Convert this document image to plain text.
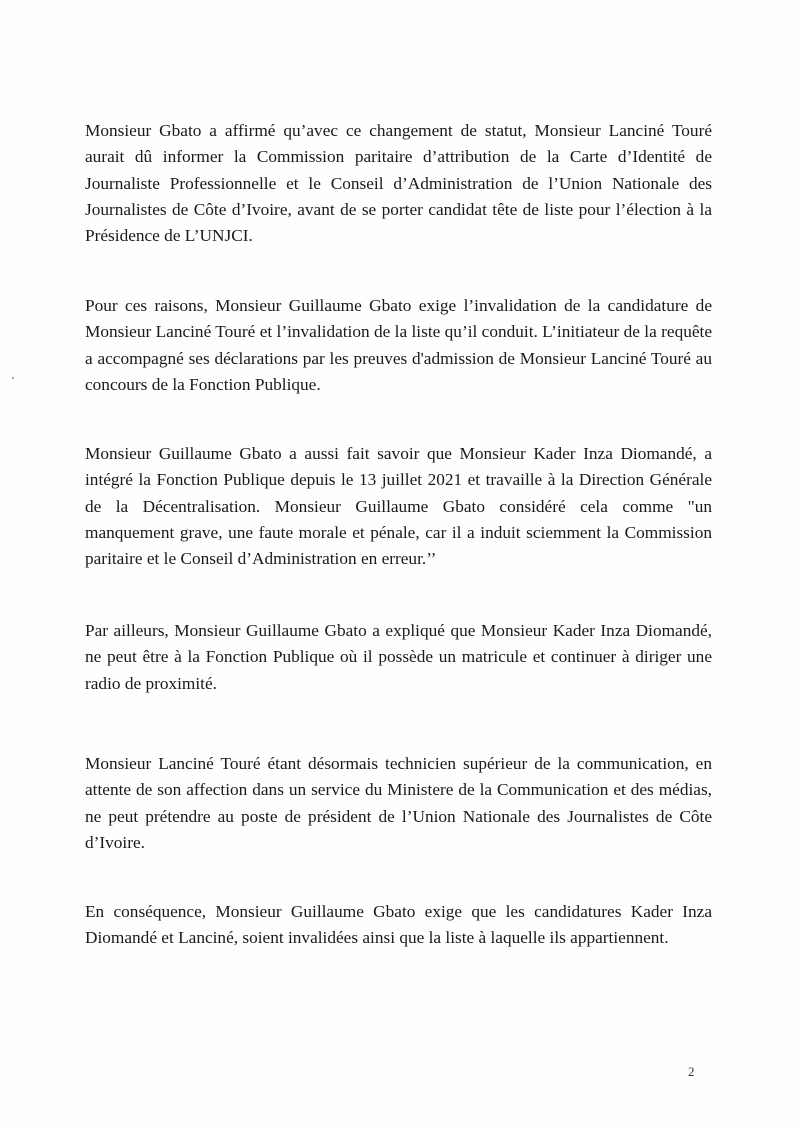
Monsieur Gbato a affirmé qu’avec ce changement de statut, Monsieur Lanciné Touré aurait dû informer la Commission paritaire d’attribution de la Carte d’Identité de Journaliste Professionnelle et le Conseil d’Administration de l’Union Nationale des Journalistes de Côte d’Ivoire, avant de se porter candidat tête de liste pour l’élection à la Présidence de L’UNJCI.

Pour ces raisons, Monsieur Guillaume Gbato exige l’invalidation de la candidature de Monsieur Lanciné Touré et l’invalidation de la liste qu’il conduit. L’initiateur de la requête a accompagné ses déclarations par les preuves d'admission de Monsieur Lanciné Touré au concours de la Fonction Publique.

Monsieur Guillaume Gbato a aussi fait savoir que Monsieur Kader Inza Diomandé, a intégré la Fonction Publique depuis le 13 juillet 2021 et travaille à la Direction Générale de la Décentralisation. Monsieur Guillaume Gbato considéré cela comme "un manquement grave, une faute morale et pénale, car il a induit sciemment la Commission paritaire et le Conseil d’Administration en erreur.’’

Par ailleurs, Monsieur Guillaume Gbato a expliqué que Monsieur Kader Inza Diomandé, ne peut être à la Fonction Publique où il possède un matricule et continuer à diriger une radio de proximité.

Monsieur Lanciné Touré étant désormais technicien supérieur de la communication, en attente de son affection dans un service du Ministere de la Communication et des médias, ne peut prétendre au poste de président de l’Union Nationale des Journalistes de Côte d’Ivoire.

En conséquence, Monsieur Guillaume Gbato exige que les candidatures Kader Inza Diomandé et Lanciné, soient invalidées ainsi que la liste à laquelle ils appartiennent.

2
